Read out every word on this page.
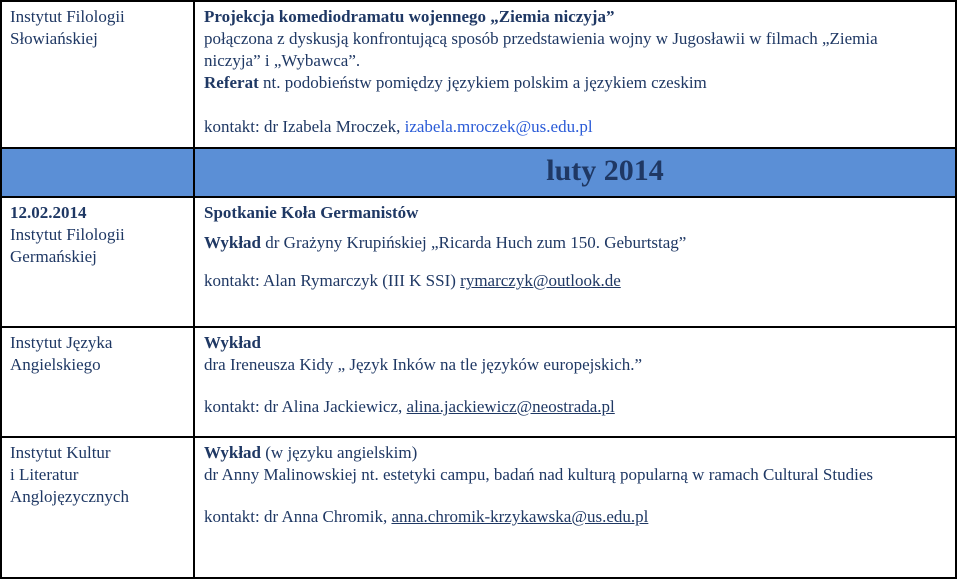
Instytut Filologii
Słowiańskiej	Projekcja komediodramatu wojennego „Ziemia niczyja”
połączona z dyskusją konfrontującą sposób przedstawienia wojny w Jugosławii w filmach „Ziemia
niczyja” i „Wybawca”.
Referat nt. podobieństw pomiędzy językiem polskim a językiem czeskim
kontakt: dr Izabela Mroczek, izabela.mroczek@us.edu.pl

	luty 2014

12.02.2014
Instytut Filologii
Germańskiej	Spotkanie Koła Germanistów
Wykład dr Grażyny Krupińskiej „Ricarda Huch zum 150. Geburtstag”
kontakt: Alan Rymarczyk (III K SSI) rymarczyk@outlook.de

Instytut Języka
Angielskiego	Wykład
dra Ireneusza Kidy „ Język Inków na tle języków europejskich.”
kontakt: dr Alina Jackiewicz, alina.jackiewicz@neostrada.pl

Instytut Kultur
i Literatur
Anglojęzycznych	Wykład (w języku angielskim)
dr Anny Malinowskiej nt. estetyki campu, badań nad kulturą popularną w ramach Cultural Studies
kontakt: dr Anna Chromik, anna.chromik-krzykawska@us.edu.pl
